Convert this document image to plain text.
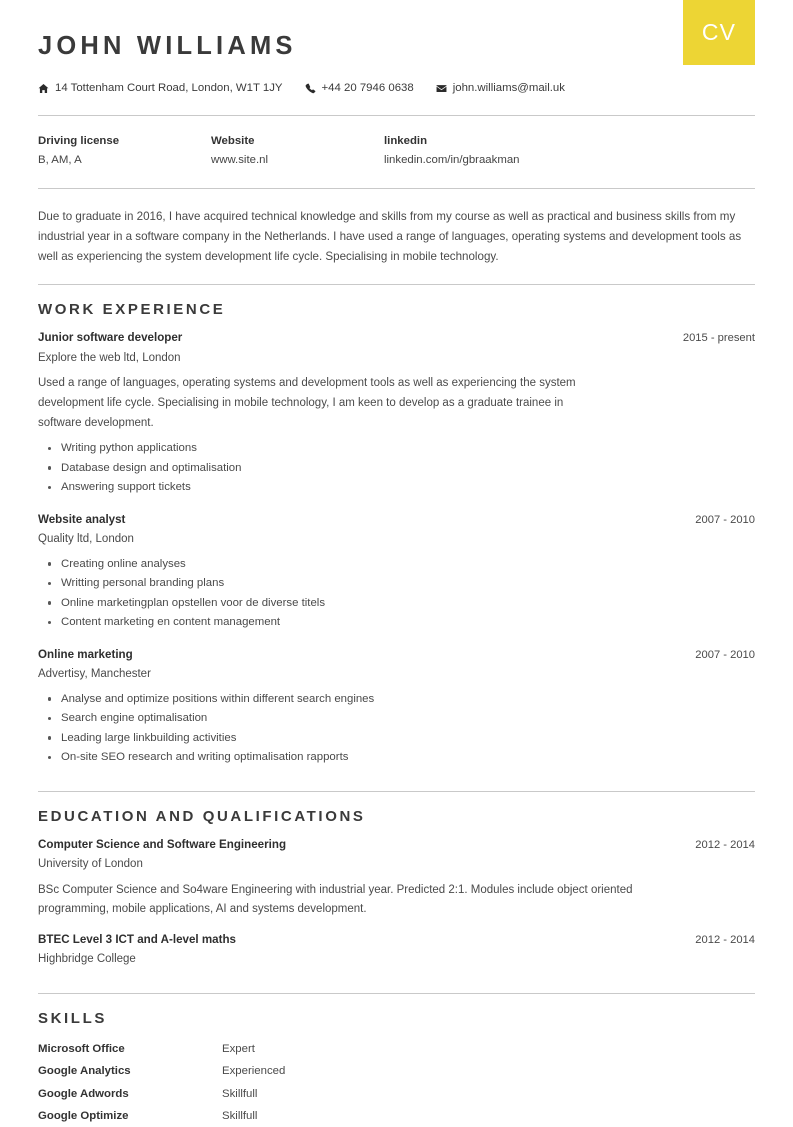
CV
JOHN WILLIAMS
14 Tottenham Court Road, London, W1T 1JY	+44 20 7946 0638	john.williams@mail.uk
Driving license
B, AM, A
Website
www.site.nl
linkedin
linkedin.com/in/gbraakman
Due to graduate in 2016, I have acquired technical knowledge and skills from my course as well as practical and business skills from my industrial year in a software company in the Netherlands. I have used a range of languages, operating systems and development tools as well as experiencing the system development life cycle. Specialising in mobile technology.
WORK EXPERIENCE
Junior software developer	2015 - present
Explore the web ltd, London
Used a range of languages, operating systems and development tools as well as experiencing the system development life cycle. Specialising in mobile technology, I am keen to develop as a graduate trainee in software development.
Writing python applications
Database design and optimalisation
Answering support tickets
Website analyst	2007 - 2010
Quality ltd, London
Creating online analyses
Writting personal branding plans
Online marketingplan opstellen voor de diverse titels
Content marketing en content management
Online marketing	2007 - 2010
Advertisy, Manchester
Analyse and optimize positions within different search engines
Search engine optimalisation
Leading large linkbuilding activities
On-site SEO research and writing optimalisation rapports
EDUCATION AND QUALIFICATIONS
Computer Science and Software Engineering	2012 - 2014
University of London
BSc Computer Science and So4ware Engineering with industrial year. Predicted 2:1. Modules include object oriented programming, mobile applications, AI and systems development.
BTEC Level 3 ICT and A-level maths	2012 - 2014
Highbridge College
SKILLS
Microsoft Office	Expert
Google Analytics	Experienced
Google Adwords	Skillfull
Google Optimize	Skillfull
